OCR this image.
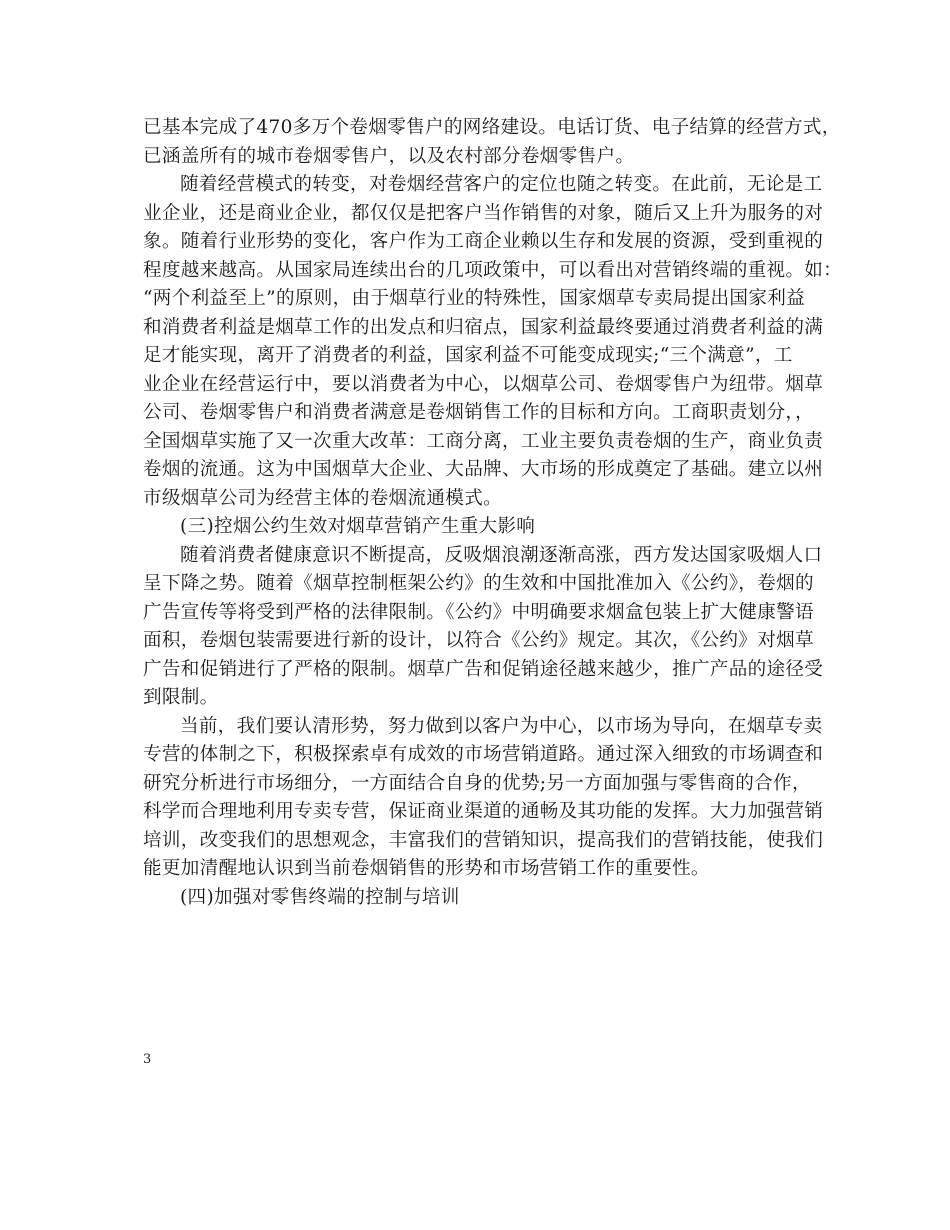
已基本完成了470多万个卷烟零售户的网络建设。电话订货、电子结算的经营方式，
已涵盖所有的城市卷烟零售户，以及农村部分卷烟零售户。
随着经营模式的转变，对卷烟经营客户的定位也随之转变。在此前，无论是工
业企业，还是商业企业，都仅仅是把客户当作销售的对象，随后又上升为服务的对
象。随着行业形势的变化，客户作为工商企业赖以生存和发展的资源，受到重视的
程度越来越高。从国家局连续出台的几项政策中，可以看出对营销终端的重视。如：
“两个利益至上”的原则，由于烟草行业的特殊性，国家烟草专卖局提出国家利益
和消费者利益是烟草工作的出发点和归宿点，国家利益最终要通过消费者利益的满
足才能实现，离开了消费者的利益，国家利益不可能变成现实;“三个满意”，工
业企业在经营运行中，要以消费者为中心，以烟草公司、卷烟零售户为纽带。烟草
公司、卷烟零售户和消费者满意是卷烟销售工作的目标和方向。工商职责划分，，
全国烟草实施了又一次重大改革：工商分离，工业主要负责卷烟的生产，商业负责
卷烟的流通。这为中国烟草大企业、大品牌、大市场的形成奠定了基础。建立以州
市级烟草公司为经营主体的卷烟流通模式。
(三)控烟公约生效对烟草营销产生重大影响
随着消费者健康意识不断提高，反吸烟浪潮逐渐高涨，西方发达国家吸烟人口
呈下降之势。随着《烟草控制框架公约》的生效和中国批准加入《公约》，卷烟的
广告宣传等将受到严格的法律限制。《公约》中明确要求烟盒包装上扩大健康警语
面积，卷烟包装需要进行新的设计，以符合《公约》规定。其次，《公约》对烟草
广告和促销进行了严格的限制。烟草广告和促销途径越来越少，推广产品的途径受
到限制。
当前，我们要认清形势，努力做到以客户为中心，以市场为导向，在烟草专卖
专营的体制之下，积极探索卓有成效的市场营销道路。通过深入细致的市场调查和
研究分析进行市场细分，一方面结合自身的优势;另一方面加强与零售商的合作，
科学而合理地利用专卖专营，保证商业渠道的通畅及其功能的发挥。大力加强营销
培训，改变我们的思想观念，丰富我们的营销知识，提高我们的营销技能，使我们
能更加清醒地认识到当前卷烟销售的形势和市场营销工作的重要性。
(四)加强对零售终端的控制与培训

3
